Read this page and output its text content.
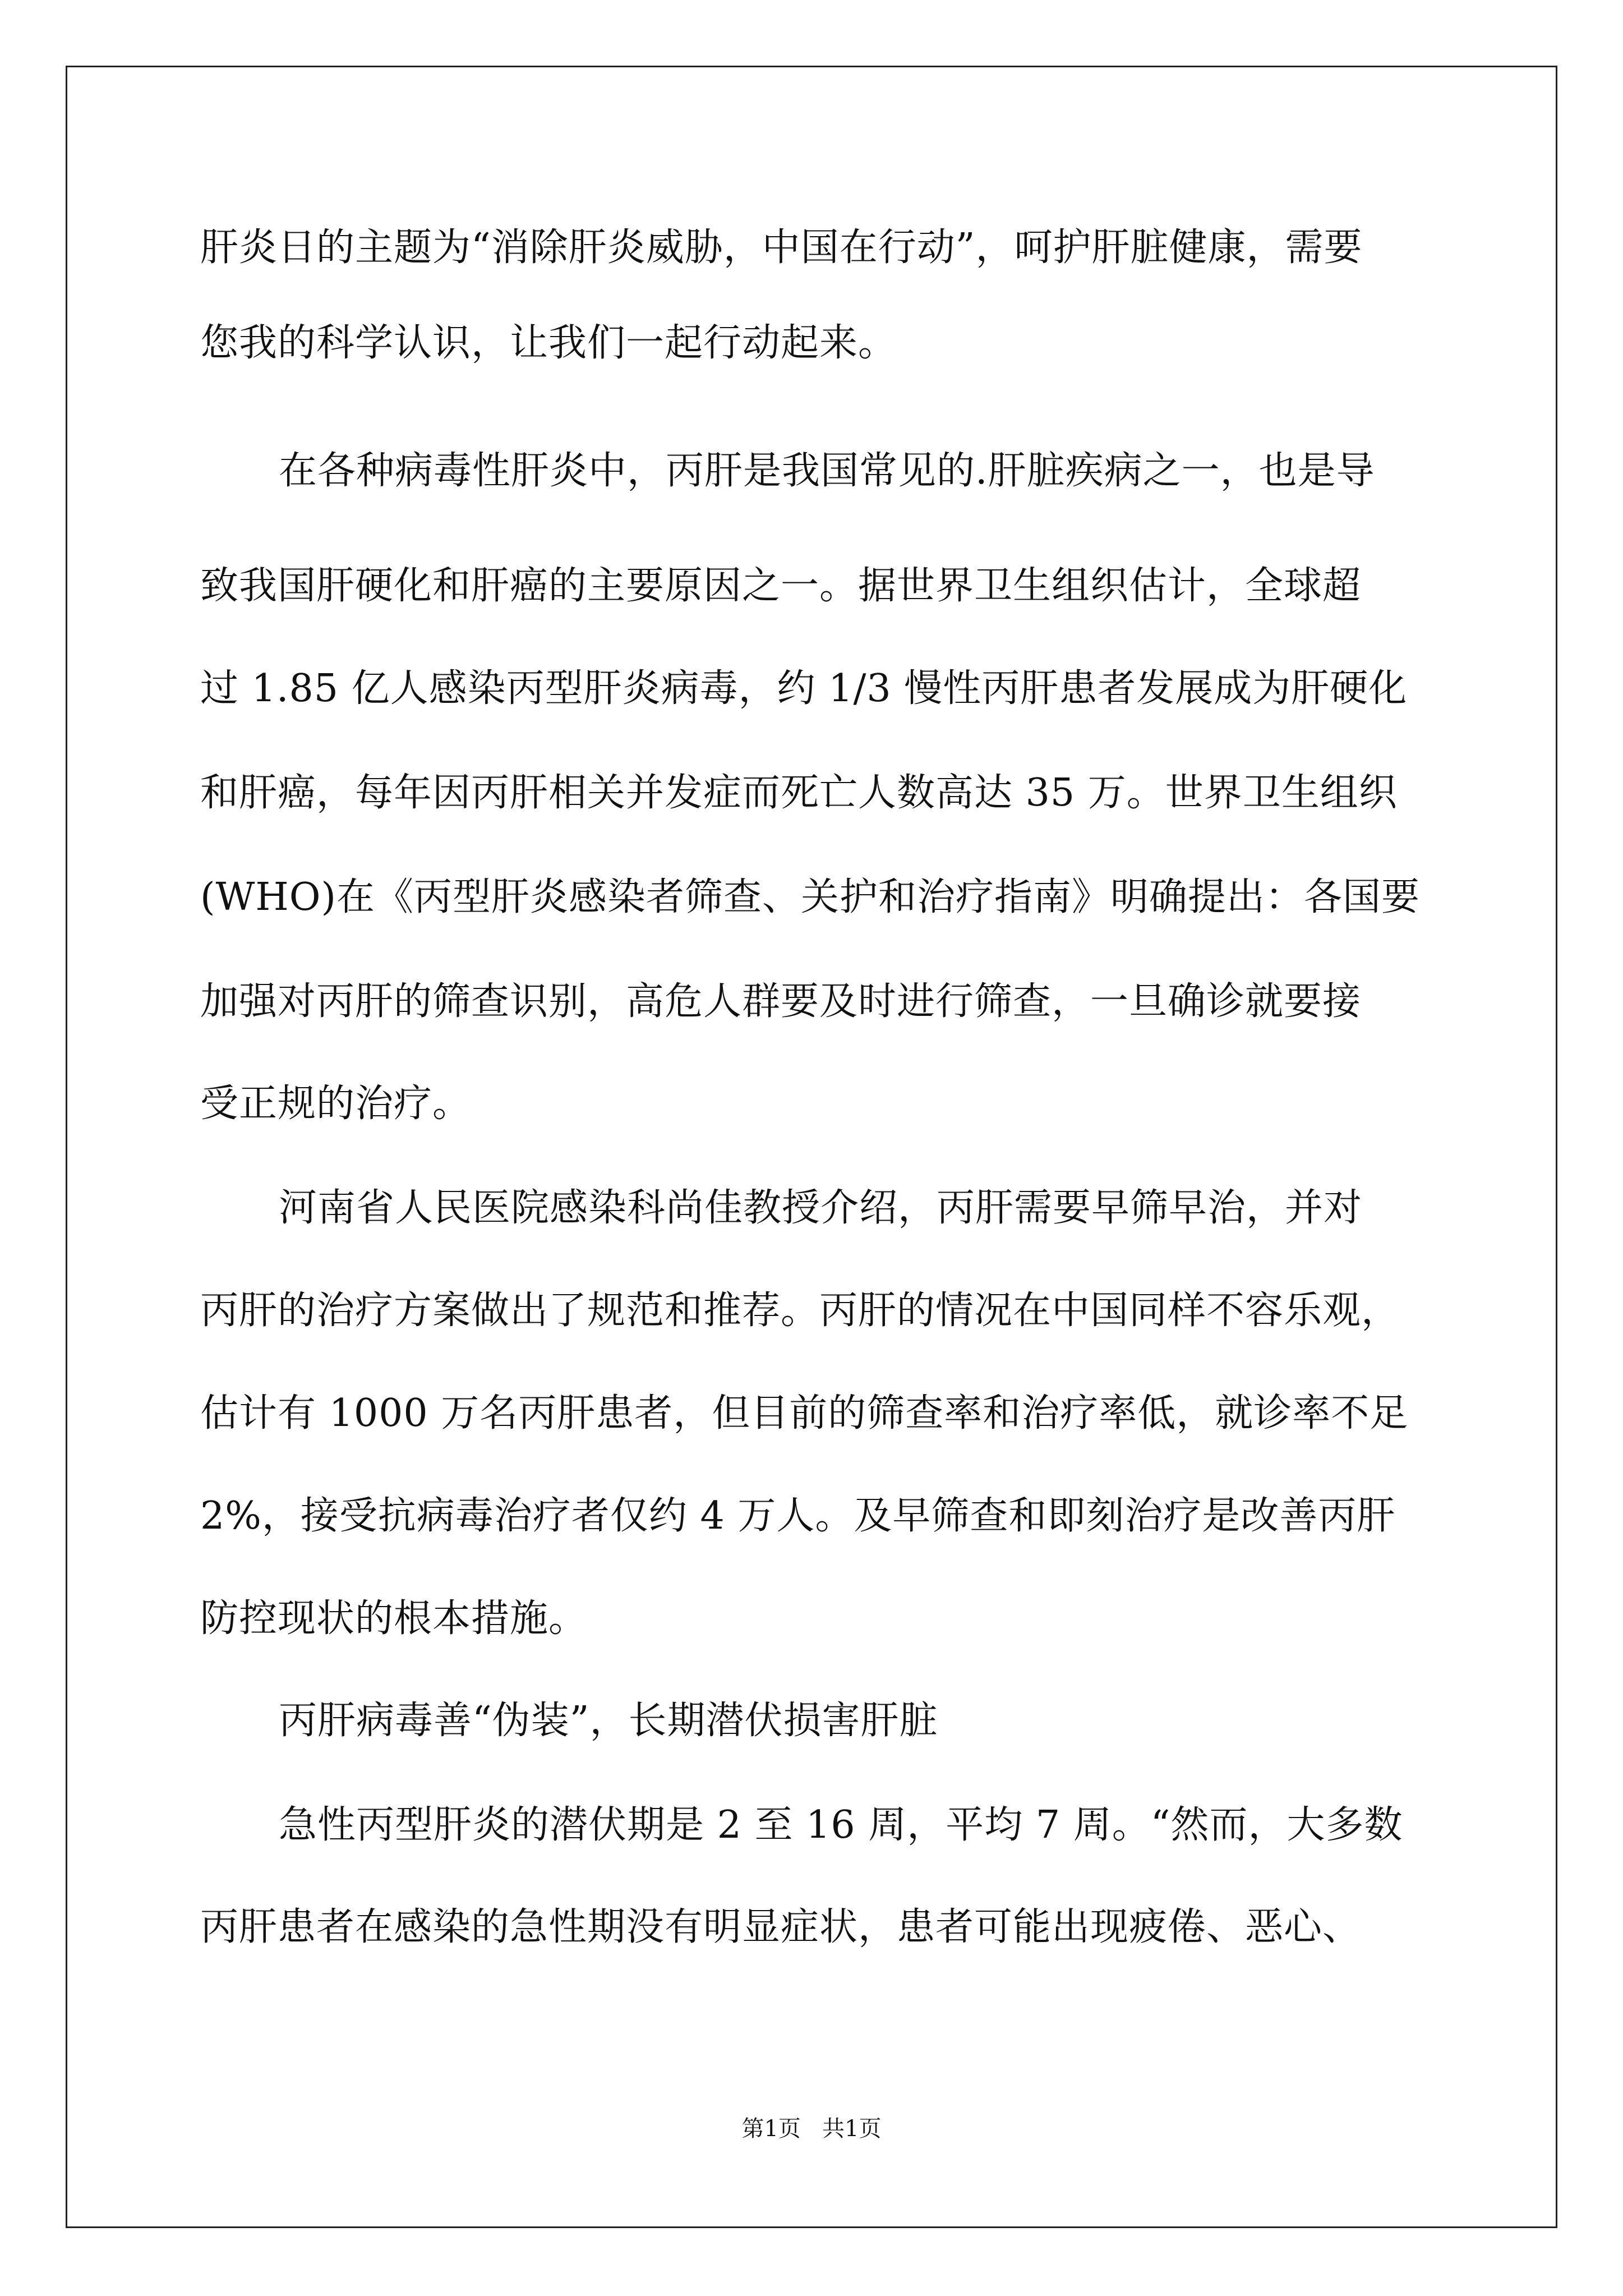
肝炎日的主题为“消除肝炎威胁，中国在行动”，呵护肝脏健康，需要

您我的科学认识，让我们一起行动起来。

在各种病毒性肝炎中，丙肝是我国常见的.肝脏疾病之一，也是导

致我国肝硬化和肝癌的主要原因之一。据世界卫生组织估计，全球超

过 1.85 亿人感染丙型肝炎病毒，约 1/3 慢性丙肝患者发展成为肝硬化

和肝癌，每年因丙肝相关并发症而死亡人数高达 35 万。世界卫生组织

(WHO)在《丙型肝炎感染者筛查、关护和治疗指南》明确提出：各国要

加强对丙肝的筛查识别，高危人群要及时进行筛查，一旦确诊就要接

受正规的治疗。

河南省人民医院感染科尚佳教授介绍，丙肝需要早筛早治，并对

丙肝的治疗方案做出了规范和推荐。丙肝的情况在中国同样不容乐观，

估计有 1000 万名丙肝患者，但目前的筛查率和治疗率低，就诊率不足

2%，接受抗病毒治疗者仅约 4 万人。及早筛查和即刻治疗是改善丙肝

防控现状的根本措施。

丙肝病毒善“伪装”，长期潜伏损害肝脏

急性丙型肝炎的潜伏期是 2 至 16 周，平均 7 周。“然而，大多数

丙肝患者在感染的急性期没有明显症状，患者可能出现疲倦、恶心、

第1页   共1页
